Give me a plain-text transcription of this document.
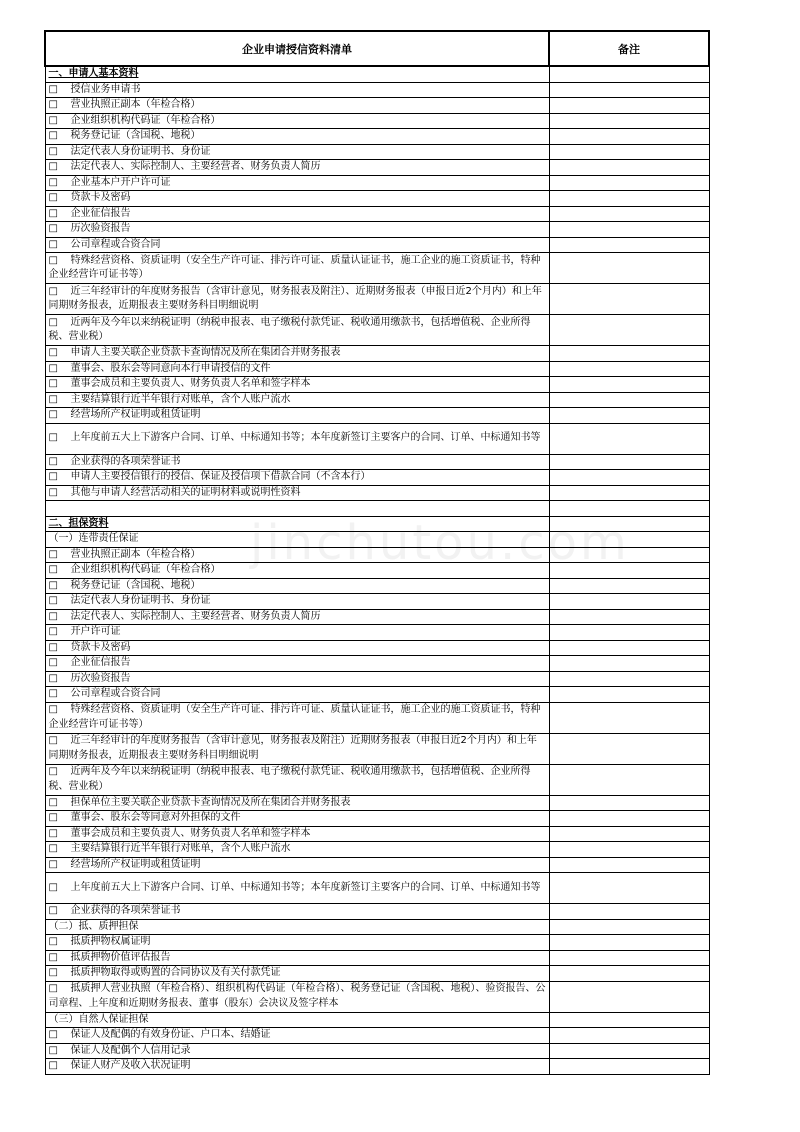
jinchutou.com
企业申请授信资料清单	备注
一、申请人基本资料	
□ 授信业务申请书	
□ 营业执照正副本（年检合格）	
□ 企业组织机构代码证（年检合格）	
□ 税务登记证（含国税、地税）	
□ 法定代表人身份证明书、身份证	
□ 法定代表人、实际控制人、主要经营者、财务负责人简历	
□ 企业基本户开户许可证	
□ 贷款卡及密码	
□ 企业征信报告	
□ 历次验资报告	
□ 公司章程或合资合同	
□ 特殊经营资格、资质证明（安全生产许可证、排污许可证、质量认证证书，施工企业的施工资质证书，特种企业经营许可证书等）	
□ 近三年经审计的年度财务报告（含审计意见，财务报表及附注）、近期财务报表（申报日近2个月内）和上年同期财务报表，近期报表主要财务科目明细说明	
□ 近两年及今年以来纳税证明（纳税申报表、电子缴税付款凭证、税收通用缴款书，包括增值税、企业所得税、营业税）	
□ 申请人主要关联企业贷款卡查询情况及所在集团合并财务报表	
□ 董事会、股东会等同意向本行申请授信的文件	
□ 董事会成员和主要负责人、财务负责人名单和签字样本	
□ 主要结算银行近半年银行对账单，含个人账户流水	
□ 经营场所产权证明或租赁证明	
□ 上年度前五大上下游客户合同、订单、中标通知书等；本年度新签订主要客户的合同、订单、中标通知书等	
□ 企业获得的各项荣誉证书	
□ 申请人主要授信银行的授信、保证及授信项下借款合同（不含本行）	
□ 其他与申请人经营活动相关的证明材料或说明性资料	

二、担保资料	
（一）连带责任保证	
□ 营业执照正副本（年检合格）	
□ 企业组织机构代码证（年检合格）	
□ 税务登记证（含国税、地税）	
□ 法定代表人身份证明书、身份证	
□ 法定代表人、实际控制人、主要经营者、财务负责人简历	
□ 开户许可证	
□ 贷款卡及密码	
□ 企业征信报告	
□ 历次验资报告	
□ 公司章程或合资合同	
□ 特殊经营资格、资质证明（安全生产许可证、排污许可证、质量认证证书，施工企业的施工资质证书，特种企业经营许可证书等）	
□ 近三年经审计的年度财务报告（含审计意见，财务报表及附注）近期财务报表（申报日近2个月内）和上年同期财务报表，近期报表主要财务科目明细说明	
□ 近两年及今年以来纳税证明（纳税申报表、电子缴税付款凭证、税收通用缴款书，包括增值税、企业所得税、营业税）	
□ 担保单位主要关联企业贷款卡查询情况及所在集团合并财务报表	
□ 董事会、股东会等同意对外担保的文件	
□ 董事会成员和主要负责人、财务负责人名单和签字样本	
□ 主要结算银行近半年银行对账单，含个人账户流水	
□ 经营场所产权证明或租赁证明	
□ 上年度前五大上下游客户合同、订单、中标通知书等；本年度新签订主要客户的合同、订单、中标通知书等	
□ 企业获得的各项荣誉证书	
（二）抵、质押担保	
□ 抵质押物权属证明	
□ 抵质押物价值评估报告	
□ 抵质押物取得或购置的合同协议及有关付款凭证	
□ 抵质押人营业执照（年检合格）、组织机构代码证（年检合格）、税务登记证（含国税、地税）、验资报告、公司章程、上年度和近期财务报表、董事（股东）会决议及签字样本	
（三）自然人保证担保	
□ 保证人及配偶的有效身份证、户口本、结婚证	
□ 保证人及配偶个人信用记录	
□ 保证人财产及收入状况证明	
